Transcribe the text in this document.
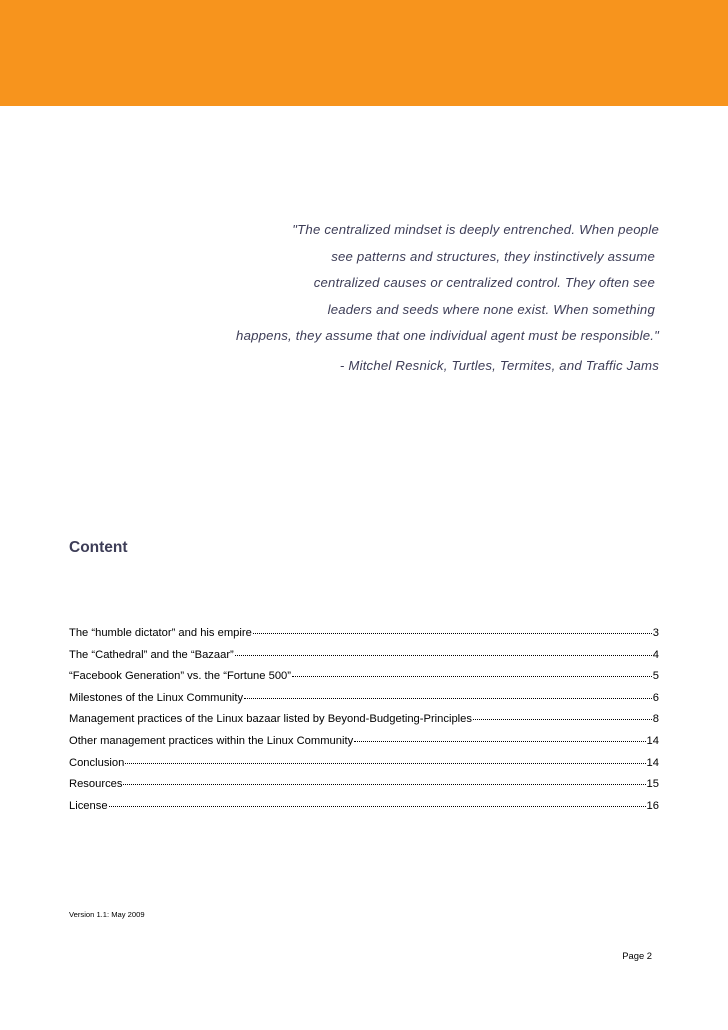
"The centralized mindset is deeply entrenched. When people
see patterns and structures, they instinctively assume
centralized causes or centralized control. They often see
leaders and seeds where none exist. When something
happens, they assume that one individual agent must be responsible."
- Mitchel Resnick, Turtles, Termites, and Traffic Jams
Content
The “humble dictator” and his empire	3
The “Cathedral” and the “Bazaar”	4
“Facebook Generation” vs. the “Fortune 500”	5
Milestones of the Linux Community	6
Management practices of the Linux bazaar listed by Beyond-Budgeting-Principles	8
Other management practices within the Linux Community	14
Conclusion	14
Resources	15
License	16
Version 1.1: May 2009
Page 2
